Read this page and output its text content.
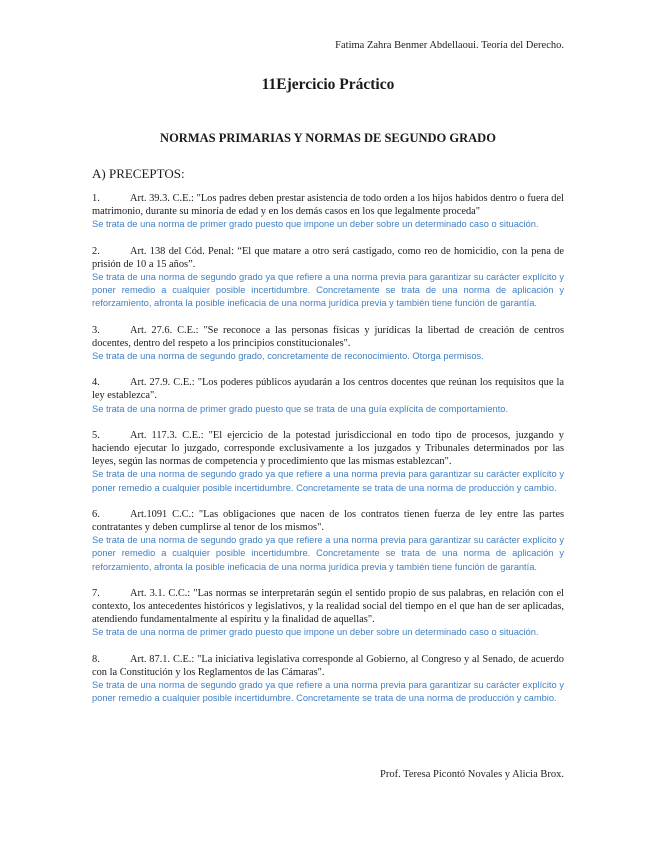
Fatima Zahra Benmer Abdellaoui. Teoría del Derecho.
11Ejercicio Práctico
NORMAS PRIMARIAS Y NORMAS DE SEGUNDO GRADO
A) PRECEPTOS:
1.	Art. 39.3. C.E.: "Los padres deben prestar asistencia de todo orden a los hijos habidos dentro o fuera del matrimonio, durante su minoría de edad y en los demás casos en los que legalmente proceda"
Se trata de una norma de primer grado puesto que impone un deber sobre un determinado caso o situación.
2.	Art. 138 del Cód. Penal: “El que matare a otro será castigado, como reo de homicidio, con la pena de prisión de 10 a 15 años”.
Se trata de una norma de segundo grado ya que refiere a una norma previa para garantizar su carácter explícito y poner remedio a cualquier posible incertidumbre. Concretamente se trata de una norma de aplicación y reforzamiento, afronta la posible ineficacia de una norma jurídica previa y también tiene función de garantía.
3.	Art. 27.6. C.E.: "Se reconoce a las personas físicas y jurídicas la libertad de creación de centros docentes, dentro del respeto a los principios constitucionales".
Se trata de una norma de segundo grado, concretamente de reconocimiento. Otorga permisos.
4.	Art. 27.9. C.E.: "Los poderes públicos ayudarán a los centros docentes que reúnan los requisitos que la ley establezca".
Se trata de una norma de primer grado puesto que se trata de una guía explícita de comportamiento.
5.	Art. 117.3. C.E.: "El ejercicio de la potestad jurisdiccional en todo tipo de procesos, juzgando y haciendo ejecutar lo juzgado, corresponde exclusivamente a los juzgados y Tribunales determinados por las leyes, según las normas de competencia y procedimiento que las mismas establezcan".
Se trata de una norma de segundo grado ya que refiere a una norma previa para garantizar su carácter explícito y poner remedio a cualquier posible incertidumbre. Concretamente se trata de una norma de producción y cambio.
6.	Art.1091 C.C.: "Las obligaciones que nacen de los contratos tienen fuerza de ley entre las partes contratantes y deben cumplirse al tenor de los mismos".
Se trata de una norma de segundo grado ya que refiere a una norma previa para garantizar su carácter explícito y poner remedio a cualquier posible incertidumbre. Concretamente se trata de una norma de aplicación y reforzamiento, afronta la posible ineficacia de una norma jurídica previa y también tiene función de garantía.
7.	Art. 3.1. C.C.: "Las normas se interpretarán según el sentido propio de sus palabras, en relación con el contexto, los antecedentes históricos y legislativos, y la realidad social del tiempo en el que han de ser aplicadas, atendiendo fundamentalmente al espíritu y la finalidad de aquellas".
Se trata de una norma de primer grado puesto que impone un deber sobre un determinado caso o situación.
8.	Art. 87.1. C.E.: "La iniciativa legislativa corresponde al Gobierno, al Congreso y al Senado, de acuerdo con la Constitución y los Reglamentos de las Cámaras".
Se trata de una norma de segundo grado ya que refiere a una norma previa para garantizar su carácter explícito y poner remedio a cualquier posible incertidumbre. Concretamente se trata de una norma de producción y cambio.
Prof. Teresa Picontó Novales y Alicia Brox.
